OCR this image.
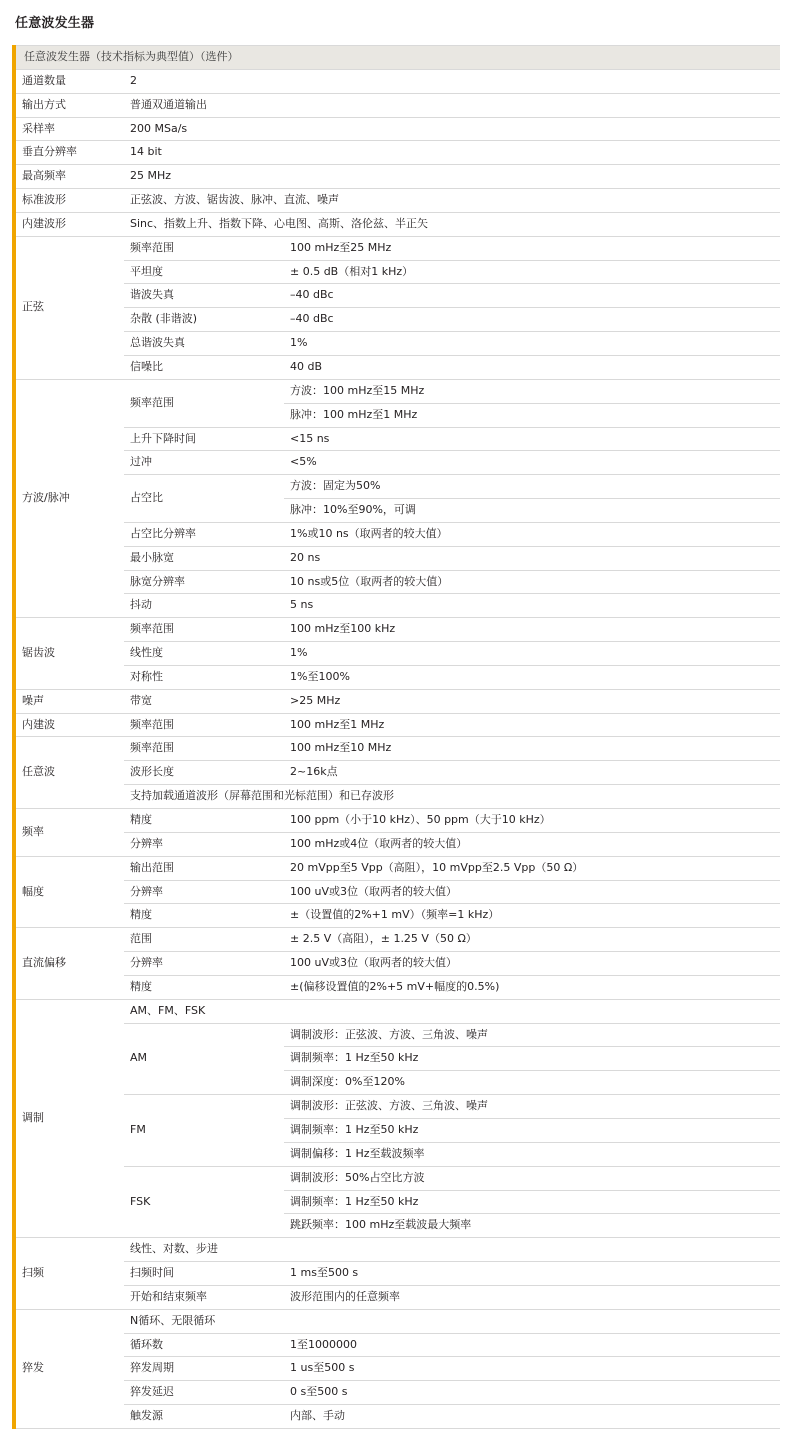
任意波发生器
任意波发生器（技术指标为典型值）（选件）		
通道数量	2	
输出方式	普通双通道输出	
采样率	200 MSa/s	
垂直分辨率	14 bit	
最高频率	25 MHz	
标准波形	正弦波、方波、锯齿波、脉冲、直流、噪声	
内建波形	Sinc、指数上升、指数下降、心电图、高斯、洛伦兹、半正矢	
正弦	频率范围	100 mHz至25 MHz
	平坦度	± 0.5 dB（相对1 kHz）
	谐波失真	–40 dBc
	杂散 (非谐波)	–40 dBc
	总谐波失真	1%
	信噪比	40 dB
方波/脉冲	频率范围	方波：100 mHz至15 MHz
		脉冲：100 mHz至1 MHz
	上升下降时间	<15 ns
	过冲	<5%
	占空比	方波：固定为50%
		脉冲：10%至90%，可调
	占空比分辨率	1%或10 ns（取两者的较大值）
	最小脉宽	20 ns
	脉宽分辨率	10 ns或5位（取两者的较大值）
	抖动	5 ns
锯齿波	频率范围	100 mHz至100 kHz
	线性度	1%
	对称性	1%至100%
噪声	带宽	>25 MHz
内建波	频率范围	100 mHz至1 MHz
任意波	频率范围	100 mHz至10 MHz
	波形长度	2~16k点
	支持加载通道波形（屏幕范围和光标范围）和已存波形	
频率	精度	100 ppm（小于10 kHz）、50 ppm（大于10 kHz）
	分辨率	100 mHz或4位（取两者的较大值）
幅度	输出范围	20 mVpp至5 Vpp（高阻），10 mVpp至2.5 Vpp（50 Ω）
	分辨率	100 uV或3位（取两者的较大值）
	精度	±（设置值的2%+1 mV）（频率=1 kHz）
直流偏移	范围	± 2.5 V（高阻），± 1.25 V（50 Ω）
	分辨率	100 uV或3位（取两者的较大值）
	精度	±(偏移设置值的2%+5 mV+幅度的0.5%)
调制	AM、FM、FSK	
	AM	调制波形：正弦波、方波、三角波、噪声
		调制频率：1 Hz至50 kHz
		调制深度：0%至120%
	FM	调制波形：正弦波、方波、三角波、噪声
		调制频率：1 Hz至50 kHz
		调制偏移：1 Hz至载波频率
	FSK	调制波形：50%占空比方波
		调制频率：1 Hz至50 kHz
		跳跃频率：100 mHz至载波最大频率
扫频	线性、对数、步进	
	扫频时间	1 ms至500 s
	开始和结束频率	波形范围内的任意频率
猝发	N循环、无限循环	
	循环数	1至1000000
	猝发周期	1 us至500 s
	猝发延迟	0 s至500 s
	触发源	内部、手动
